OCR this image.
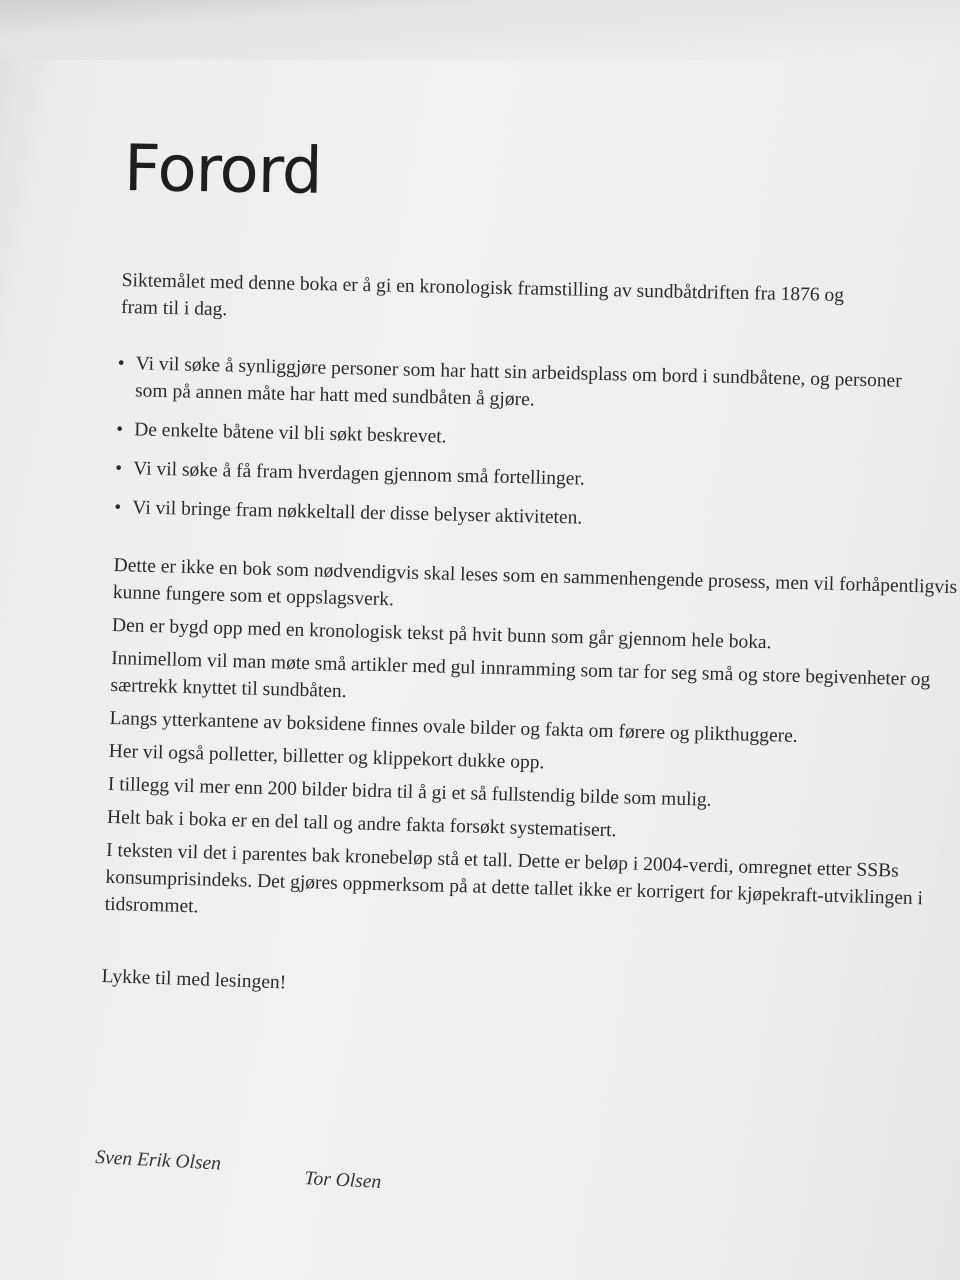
Forord
Siktemålet med denne boka er å gi en kronologisk framstilling av sundbåtdriften fra 1876 og fram til i dag.
• Vi vil søke å synliggjøre personer som har hatt sin arbeidsplass om bord i sundbåtene, og personer som på annen måte har hatt med sundbåten å gjøre.
• De enkelte båtene vil bli søkt beskrevet.
• Vi vil søke å få fram hverdagen gjennom små fortellinger.
• Vi vil bringe fram nøkkeltall der disse belyser aktiviteten.

Dette er ikke en bok som nødvendigvis skal leses som en sammenhengende prosess, men vil forhåpentligvis kunne fungere som et oppslagsverk.

Den er bygd opp med en kronologisk tekst på hvit bunn som går gjennom hele boka.

Innimellom vil man møte små artikler med gul innramming som tar for seg små og store begivenheter og særtrekk knyttet til sundbåten.

Langs ytterkantene av boksidene finnes ovale bilder og fakta om førere og plikthuggere.

Her vil også polletter, billetter og klippekort dukke opp.

I tillegg vil mer enn 200 bilder bidra til å gi et så fullstendig bilde som mulig.

Helt bak i boka er en del tall og andre fakta forsøkt systematisert.

I teksten vil det i parentes bak kronebeløp stå et tall. Dette er beløp i 2004-verdi, omregnet etter SSBs konsumprisindeks. Det gjøres oppmerksom på at dette tallet ikke er korrigert for kjøpekraft-utviklingen i tidsrommet.

Lykke til med lesingen!
Sven Erik Olsen
Tor Olsen
